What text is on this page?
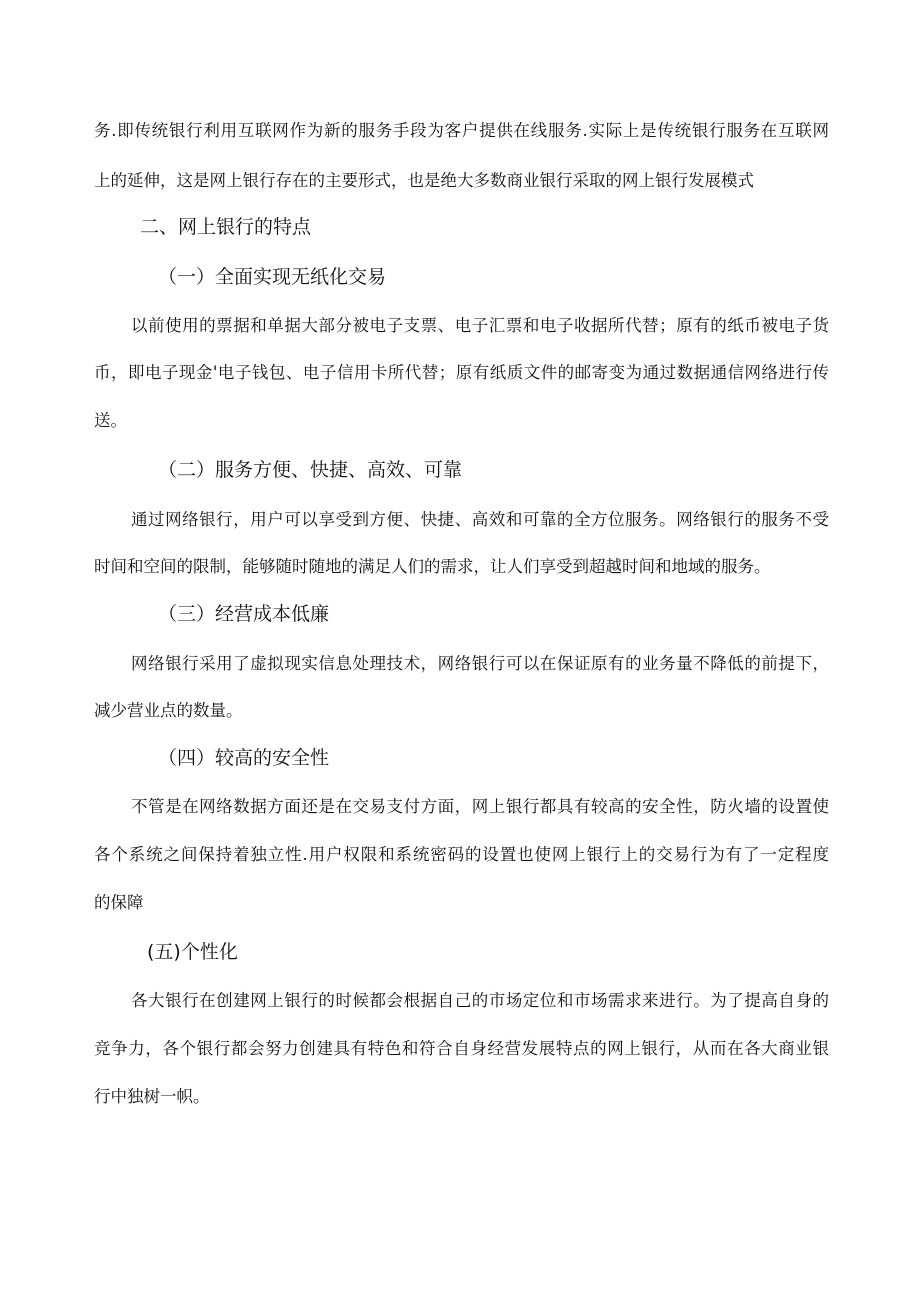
务.即传统银行利用互联网作为新的服务手段为客户提供在线服务.实际上是传统银行服务在互联网
上的延伸，这是网上银行存在的主要形式，也是绝大多数商业银行采取的网上银行发展模式
二、网上银行的特点
（一）全面实现无纸化交易
以前使用的票据和单据大部分被电子支票、电子汇票和电子收据所代替；原有的纸币被电子货
币，即电子现金'电子钱包、电子信用卡所代替；原有纸质文件的邮寄变为通过数据通信网络进行传
送。
（二）服务方便、快捷、高效、可靠
通过网络银行，用户可以享受到方便、快捷、高效和可靠的全方位服务。网络银行的服务不受
时间和空间的限制，能够随时随地的满足人们的需求，让人们享受到超越时间和地域的服务。
（三）经营成本低廉
网络银行采用了虚拟现实信息处理技术，网络银行可以在保证原有的业务量不降低的前提下，
减少营业点的数量。
（四）较高的安全性
不管是在网络数据方面还是在交易支付方面，网上银行都具有较高的安全性，防火墙的设置使
各个系统之间保持着独立性.用户权限和系统密码的设置也使网上银行上的交易行为有了一定程度
的保障
(五)个性化
各大银行在创建网上银行的时候都会根据自己的市场定位和市场需求来进行。为了提高自身的
竞争力，各个银行都会努力创建具有特色和符合自身经营发展特点的网上银行，从而在各大商业银
行中独树一帜。
